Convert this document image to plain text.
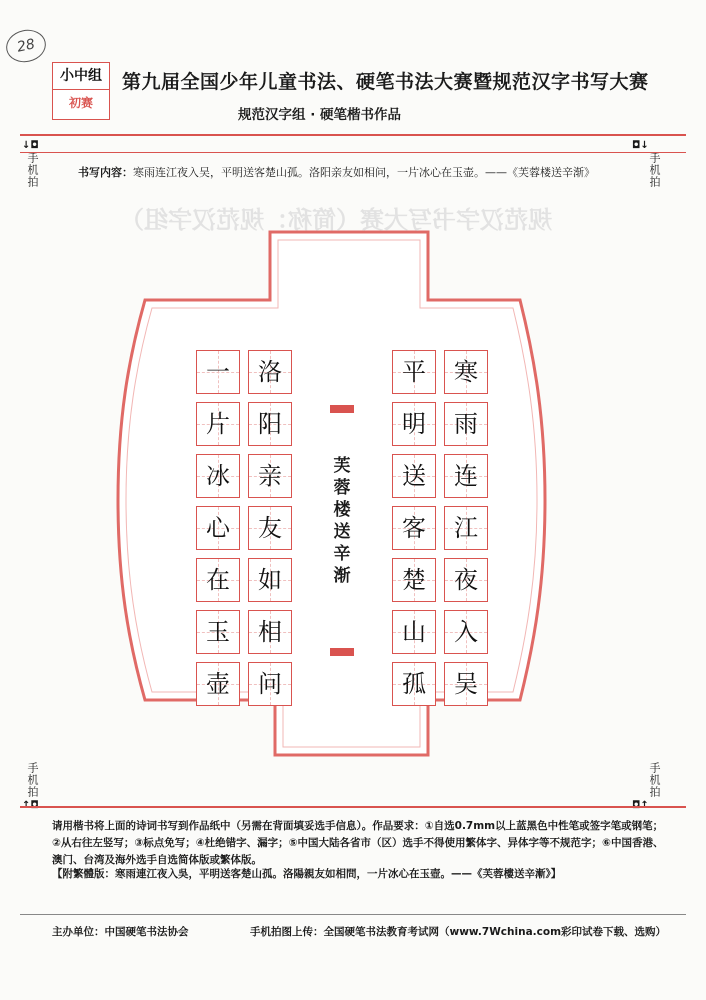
规范汉字书写大赛（简称：规范汉字组）
28
小中组
初赛
第九届全国少年儿童书法、硬笔书法大赛暨规范汉字书写大赛
规范汉字组 · 硬笔楷书作品
↓◘
手机拍
◘↓
手机拍
书写内容：寒雨连江夜入吴，平明送客楚山孤。洛阳亲友如相问，一片冰心在玉壶。——《芙蓉楼送辛渐》
寒
雨
连
江
夜
入
吴
平
明
送
客
楚
山
孤
洛
阳
亲
友
如
相
问
一
片
冰
心
在
玉
壶
芙蓉楼送辛渐
手机拍
↑◘
手机拍
◘↑
请用楷书将上面的诗词书写到作品纸中（另需在背面填妥选手信息）。作品要求：①自选0.7mm以上蓝黑色中性笔或签字笔或钢笔；②从右往左竖写；③标点免写；④杜绝错字、漏字；⑤中国大陆各省市（区）选手不得使用繁体字、异体字等不规范字；⑥中国香港、澳门、台湾及海外选手自选简体版或繁体版。
【附繁體版：寒雨連江夜入吳，平明送客楚山孤。洛陽親友如相問，一片冰心在玉壺。——《芙蓉樓送辛漸》】
主办单位：中国硬笔书法协会	手机拍图上传：全国硬笔书法教育考试网（www.7Wchina.com彩印试卷下载、选购）
